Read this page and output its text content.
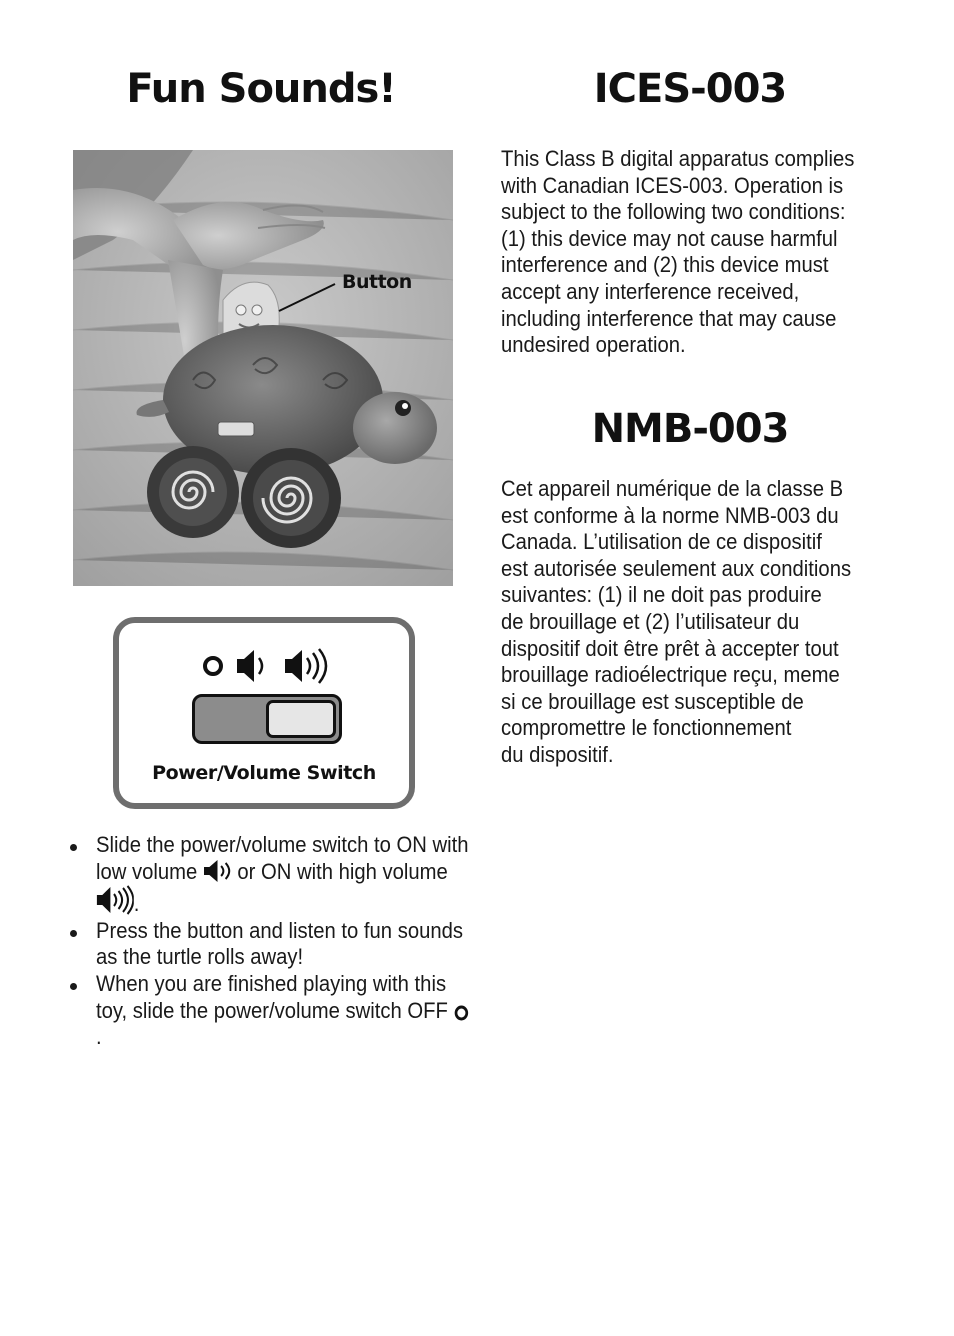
Fun Sounds!
Button
Power/Volume Switch
Slide the power/volume switch to ON with low volume  or ON with high volume .
Press the button and listen to fun sounds as the turtle rolls away!
When you are finished playing with this toy, slide the power/volume switch OFF .
ICES-003

This Class B digital apparatus complies
with Canadian ICES-003. Operation is
subject to the following two conditions:
(1) this device may not cause harmful
interference and (2) this device must
accept any interference received,
including interference that may cause
undesired operation.

NMB-003

Cet appareil numérique de la classe B
est conforme à la norme NMB-003 du
Canada. L’utilisation de ce dispositif
est autorisée seulement aux conditions
suivantes: (1) il ne doit pas produire
de brouillage et (2) l’utilisateur du
dispositif doit être prêt à accepter tout
brouillage radioélectrique reçu, meme
si ce brouillage est susceptible de
compromettre le fonctionnement
du dispositif.
